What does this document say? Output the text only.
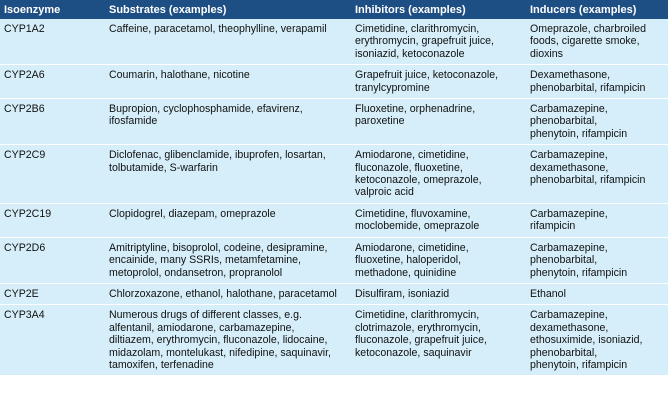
Isoenzyme	Substrates (examples)	Inhibitors (examples)	Inducers (examples)
CYP1A2	Caffeine, paracetamol, theophylline, verapamil	Cimetidine, clarithromycin,
erythromycin, grapefruit juice,
isoniazid, ketoconazole	Omeprazole, charbroiled
foods, cigarette smoke,
dioxins

CYP2A6	Coumarin, halothane, nicotine	Grapefruit juice, ketoconazole,
tranylcypromine	Dexamethasone,
phenobarbital, rifampicin

CYP2B6	Bupropion, cyclophosphamide, efavirenz,
ifosfamide	Fluoxetine, orphenadrine,
paroxetine	Carbamazepine,
phenobarbital,
phenytoin, rifampicin

CYP2C9	Diclofenac, glibenclamide, ibuprofen, losartan,
tolbutamide, S-warfarin	Amiodarone, cimetidine,
fluconazole, fluoxetine,
ketoconazole, omeprazole,
valproic acid	Carbamazepine,
dexamethasone,
phenobarbital, rifampicin

CYP2C19	Clopidogrel, diazepam, omeprazole	Cimetidine, fluvoxamine,
moclobemide, omeprazole	Carbamazepine,
rifampicin

CYP2D6	Amitriptyline, bisoprolol, codeine, desipramine,
encainide, many SSRIs, metamfetamine,
metoprolol, ondansetron, propranolol	Amiodarone, cimetidine,
fluoxetine, haloperidol,
methadone, quinidine	Carbamazepine,
phenobarbital,
phenytoin, rifampicin

CYP2E	Chlorzoxazone, ethanol, halothane, paracetamol	Disulfiram, isoniazid	Ethanol

CYP3A4	Numerous drugs of different classes, e.g.
alfentanil, amiodarone, carbamazepine,
diltiazem, erythromycin, fluconazole, lidocaine,
midazolam, montelukast, nifedipine, saquinavir,
tamoxifen, terfenadine	Cimetidine, clarithromycin,
clotrimazole, erythromycin,
fluconazole, grapefruit juice,
ketoconazole, saquinavir	Carbamazepine,
dexamethasone,
ethosuximide, isoniazid,
phenobarbital,
phenytoin, rifampicin
